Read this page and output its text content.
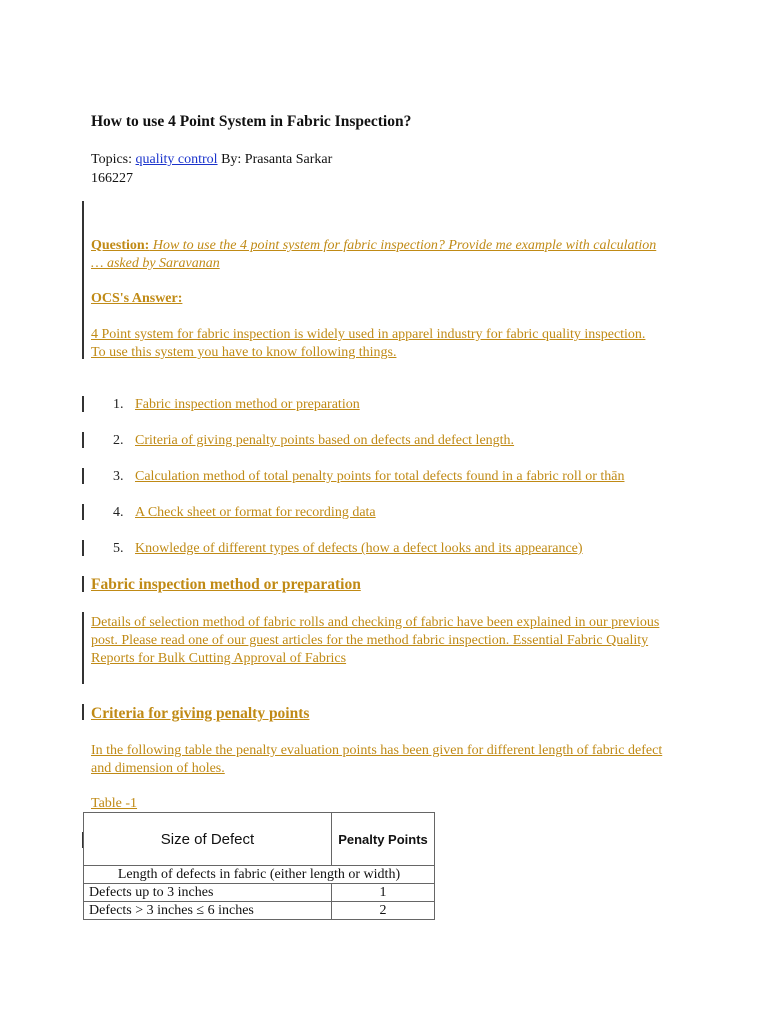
How to use 4 Point System in Fabric Inspection?
Topics: quality control By: Prasanta Sarkar
166227
Question: How to use the 4 point system for fabric inspection? Provide me example with calculation … asked by Saravanan
OCS's Answer:
4 Point system for fabric inspection is widely used in apparel industry for fabric quality inspection. To use this system you have to know following things.
1. Fabric inspection method or preparation
2. Criteria of giving penalty points based on defects and defect length.
3. Calculation method of total penalty points for total defects found in a fabric roll or thān
4. A Check sheet or format for recording data
5. Knowledge of different types of defects (how a defect looks and its appearance)
Fabric inspection method or preparation
Details of selection method of fabric rolls and checking of fabric have been explained in our previous post. Please read one of our guest articles for the method fabric inspection. Essential Fabric Quality Reports for Bulk Cutting Approval of Fabrics
Criteria for giving penalty points
In the following table the penalty evaluation points has been given for different length of fabric defect and dimension of holes.
Table -1
Size of Defect	Penalty Points
Length of defects in fabric (either length or width)	
Defects up to 3 inches	1
Defects > 3 inches ≤ 6 inches	2
